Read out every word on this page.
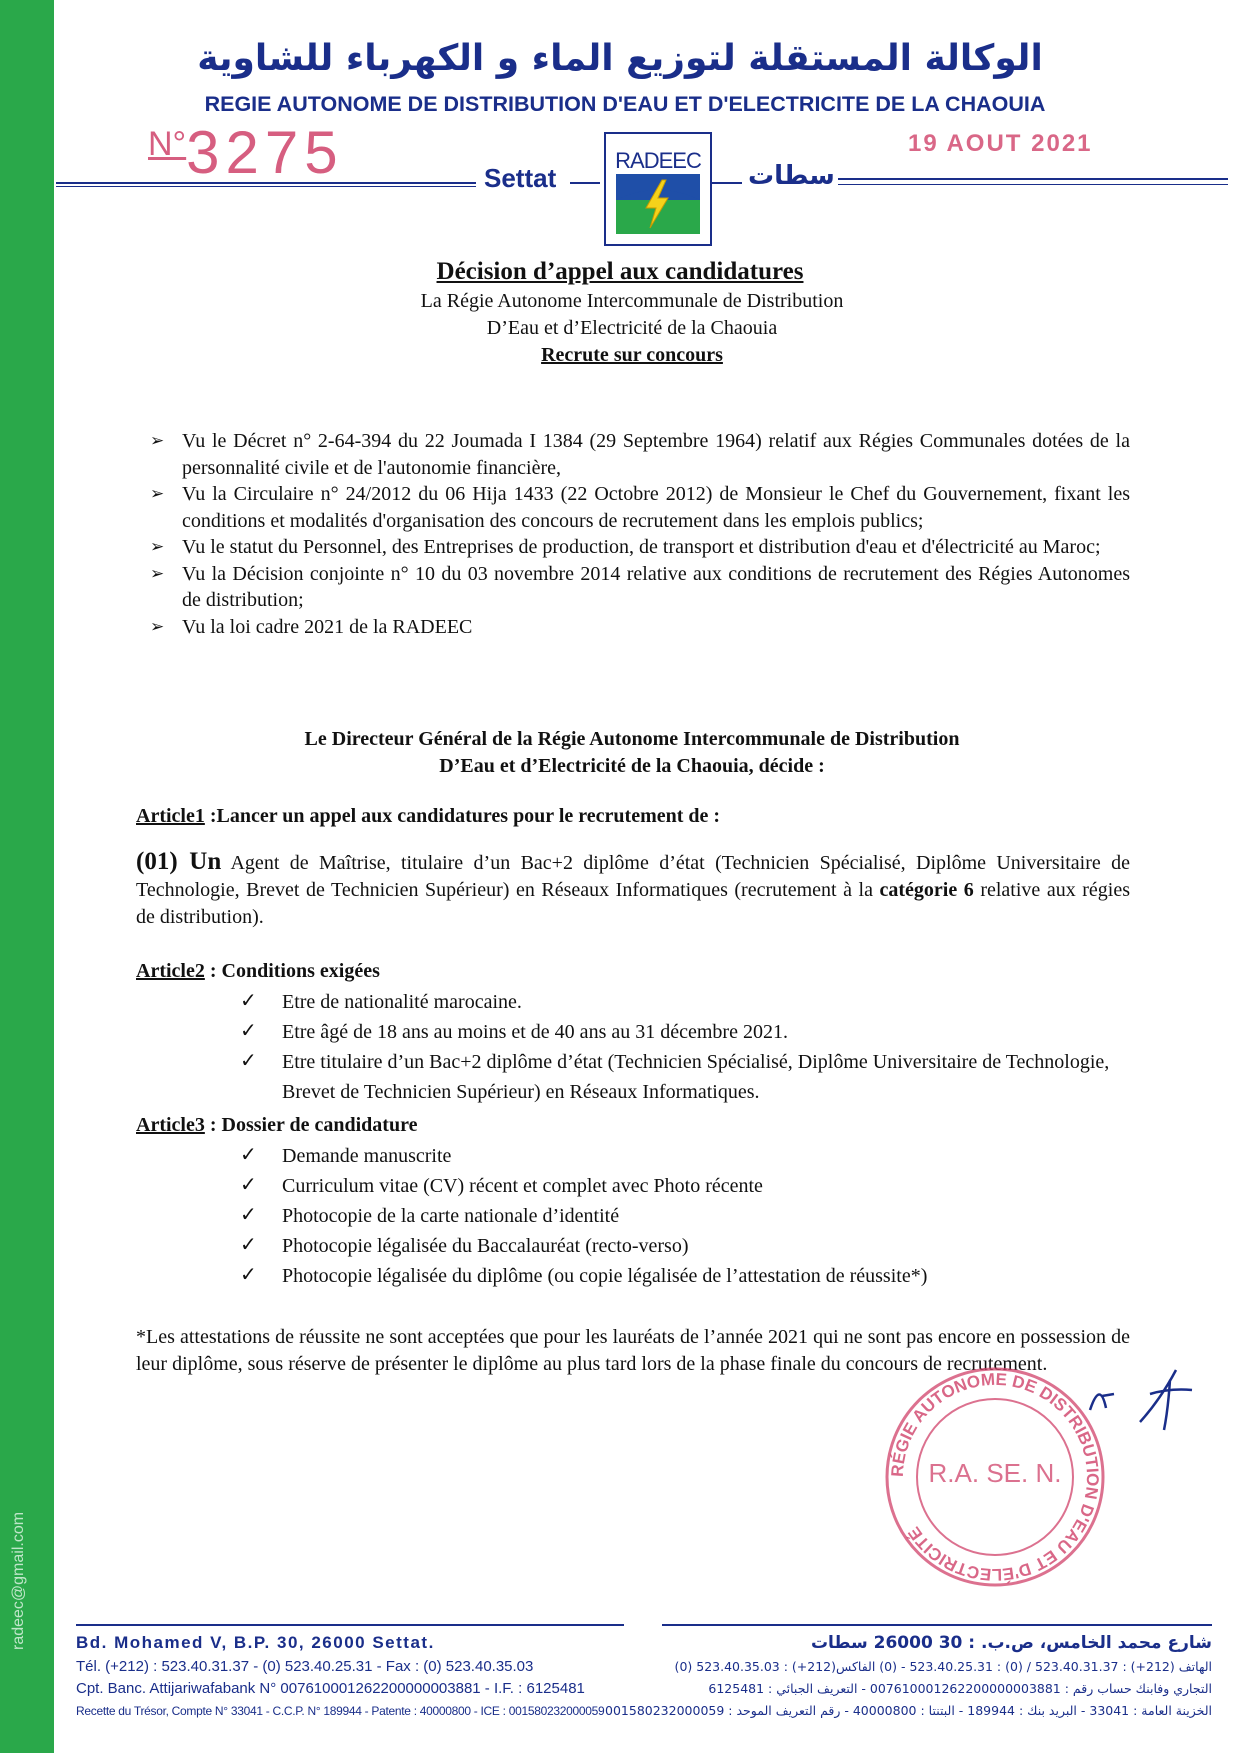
radeec@gmail.com
الوكالة المستقلة لتوزيع الماء و الكهرباء للشاوية
REGIE AUTONOME DE DISTRIBUTION D'EAU ET D'ELECTRICITE DE LA CHAOUIA
$^{N^\circ}$3275	19 AOUT 2021
Settat	سطات
RADEEC
Décision d’appel aux candidatures
La Régie Autonome Intercommunale de Distribution
D’Eau et d’Electricité de la Chaouia
Recrute sur concours
➢ Vu le Décret n° 2-64-394 du 22 Joumada I 1384 (29 Septembre 1964) relatif aux Régies Communales dotées de la personnalité civile et de l'autonomie financière,
➢ Vu la Circulaire n° 24/2012 du 06 Hija 1433 (22 Octobre 2012) de Monsieur le Chef du Gouvernement, fixant les conditions et modalités d'organisation des concours de recrutement dans les emplois publics;
➢ Vu le statut du Personnel, des Entreprises de production, de transport et distribution d'eau et d'électricité au Maroc;
➢ Vu la Décision conjointe n° 10 du 03 novembre 2014 relative aux conditions de recrutement des Régies Autonomes de distribution;
➢ Vu la loi cadre 2021 de la RADEEC
Le Directeur Général de la Régie Autonome Intercommunale de Distribution
D’Eau et d’Electricité de la Chaouia, décide :
Article1 :Lancer un appel aux candidatures pour le recrutement de :
(01) Un Agent de Maîtrise, titulaire d’un Bac+2 diplôme d’état (Technicien Spécialisé, Diplôme Universitaire de Technologie, Brevet de Technicien Supérieur) en Réseaux Informatiques (recrutement à la catégorie 6 relative aux régies de distribution).
Article2 : Conditions exigées
✓ Etre de nationalité marocaine.
✓ Etre âgé de 18 ans au moins et de 40 ans au 31 décembre 2021.
✓ Etre titulaire d’un Bac+2 diplôme d’état (Technicien Spécialisé, Diplôme Universitaire de Technologie, Brevet de Technicien Supérieur) en Réseaux Informatiques.
Article3 : Dossier de candidature
✓ Demande manuscrite
✓ Curriculum vitae (CV) récent et complet avec Photo récente
✓ Photocopie de la carte nationale d’identité
✓ Photocopie légalisée du Baccalauréat (recto-verso)
✓ Photocopie légalisée du diplôme (ou copie légalisée de l’attestation de réussite*)
*Les attestations de réussite ne sont acceptées que pour les lauréats de l’année 2021 qui ne sont pas encore en possession de leur diplôme, sous réserve de présenter le diplôme au plus tard lors de la phase finale du concours de recrutement.
RÉGIE AUTONOME DE DISTRIBUTION D'EAU ET D'ÉLECTRICITÉ
R.A. SE. N.
Bd. Mohamed V, B.P. 30, 26000 Settat.
Tél. (+212) : 523.40.31.37 - (0) 523.40.25.31 - Fax : (0) 523.40.35.03
Cpt. Banc. Attijariwafabank N° 007610001262200000003881 - I.F. : 6125481
Recette du Trésor, Compte N° 33041 - C.C.P. N° 189944 - Patente : 40000800 - ICE : 001580232000059
شارع محمد الخامس، ص.ب. : 30 26000 سطات
الهاتف (212+) : 523.40.31.37 / (0) : 523.40.25.31 - (0) الفاكس(212+) : 523.40.35.03 (0)
التجاري وفابنك حساب رقم : 007610001262200000003881 - التعريف الجبائي : 6125481
الخزينة العامة : 33041 - البريد بنك : 189944 - البتنتا : 40000800 - رقم التعريف الموحد : 001580232000059
